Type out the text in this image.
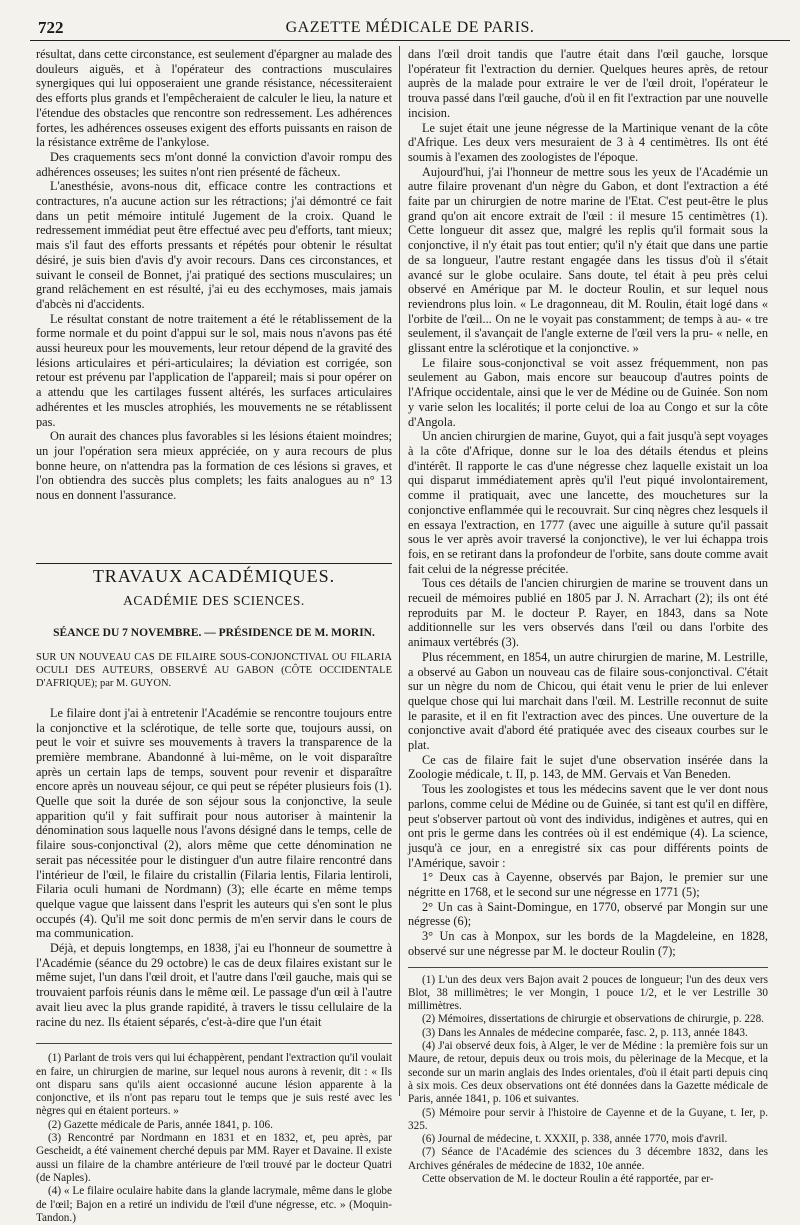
722	GAZETTE MÉDICALE DE PARIS.

résultat, dans cette circonstance, est seulement d'épargner au malade des douleurs aiguës, et à l'opérateur des contractions musculaires synergiques qui lui opposeraient une grande résistance, nécessiteraient des efforts plus grands et l'empêcheraient de calculer le lieu, la nature et l'étendue des obstacles que rencontre son redressement. Les adhérences fortes, les adhérences osseuses exigent des efforts puissants en raison de la résistance extrême de l'ankylose.

Des craquements secs m'ont donné la conviction d'avoir rompu des adhérences osseuses; les suites n'ont rien présenté de fâcheux.

L'anesthésie, avons-nous dit, efficace contre les contractions et contractures, n'a aucune action sur les rétractions; j'ai démontré ce fait dans un petit mémoire intitulé Jugement de la croix. Quand le redressement immédiat peut être effectué avec peu d'efforts, tant mieux; mais s'il faut des efforts pressants et répétés pour obtenir le résultat désiré, je suis bien d'avis d'y avoir recours. Dans ces circonstances, et suivant le conseil de Bonnet, j'ai pratiqué des sections musculaires; un grand relâchement en est résulté, j'ai eu des ecchymoses, mais jamais d'abcès ni d'accidents.

Le résultat constant de notre traitement a été le rétablissement de la forme normale et du point d'appui sur le sol, mais nous n'avons pas été aussi heureux pour les mouvements, leur retour dépend de la gravité des lésions articulaires et péri-articulaires; la déviation est corrigée, son retour est prévenu par l'application de l'appareil; mais si pour opérer on a attendu que les cartilages fussent altérés, les surfaces articulaires adhérentes et les muscles atrophiés, les mouvements ne se rétablissent pas.

On aurait des chances plus favorables si les lésions étaient moindres; un jour l'opération sera mieux appréciée, on y aura recours de plus bonne heure, on n'attendra pas la formation de ces lésions si graves, et l'on obtiendra des succès plus complets; les faits analogues au n° 13 nous en donnent l'assurance.

TRAVAUX ACADÉMIQUES.
ACADÉMIE DES SCIENCES.
SÉANCE DU 7 NOVEMBRE. — PRÉSIDENCE DE M. MORIN.

SUR UN NOUVEAU CAS DE FILAIRE SOUS-CONJONCTIVAL OU FILARIA OCULI DES AUTEURS, OBSERVÉ AU GABON (CÔTE OCCIDENTALE D'AFRIQUE); par M. GUYON.

Le filaire dont j'ai à entretenir l'Académie se rencontre toujours entre la conjonctive et la sclérotique, de telle sorte que, toujours aussi, on peut le voir et suivre ses mouvements à travers la transparence de la première membrane. Abandonné à lui-même, on le voit disparaître après un certain laps de temps, souvent pour revenir et disparaître encore après un nouveau séjour, ce qui peut se répéter plusieurs fois (1). Quelle que soit la durée de son séjour sous la conjonctive, la seule apparition qu'il y fait suffirait pour nous autoriser à maintenir la dénomination sous laquelle nous l'avons désigné dans le temps, celle de filaire sous-conjonctival (2), alors même que cette dénomination ne serait pas nécessitée pour le distinguer d'un autre filaire rencontré dans l'intérieur de l'œil, le filaire du cristallin (Filaria lentis, Filaria lentiroli, Filaria oculi humani de Nordmann) (3); elle écarte en même temps quelque vague que laissent dans l'esprit les auteurs qui s'en sont le plus occupés (4). Qu'il me soit donc permis de m'en servir dans le cours de ma communication.

Déjà, et depuis longtemps, en 1838, j'ai eu l'honneur de soumettre à l'Académie (séance du 29 octobre) le cas de deux filaires existant sur le même sujet, l'un dans l'œil droit, et l'autre dans l'œil gauche, mais qui se trouvaient parfois réunis dans le même œil. Le passage d'un œil à l'autre avait lieu avec la plus grande rapidité, à travers le tissu cellulaire de la racine du nez. Ils étaient séparés, c'est-à-dire que l'un était

(1) Parlant de trois vers qui lui échappèrent, pendant l'extraction qu'il voulait en faire, un chirurgien de marine, sur lequel nous aurons à revenir, dit : « Ils ont disparu sans qu'ils aient occasionné aucune lésion apparente à la conjonctive, et ils n'ont pas reparu tout le temps que je suis resté avec les nègres qui en étaient porteurs. »

(2) Gazette médicale de Paris, année 1841, p. 106.

(3) Rencontré par Nordmann en 1831 et en 1832, et, peu après, par Gescheidt, a été vainement cherché depuis par MM. Rayer et Davaine. Il existe aussi un filaire de la chambre antérieure de l'œil trouvé par le docteur Quatri (de Naples).

(4) « Le filaire oculaire habite dans la glande lacrymale, même dans le globe de l'œil; Bajon en a retiré un individu de l'œil d'une négresse, etc. » (Moquin-Tandon.)

dans l'œil droit tandis que l'autre était dans l'œil gauche, lorsque l'opérateur fit l'extraction du dernier. Quelques heures après, de retour auprès de la malade pour extraire le ver de l'œil droit, l'opérateur le trouva passé dans l'œil gauche, d'où il en fit l'extraction par une nouvelle incision.

Le sujet était une jeune négresse de la Martinique venant de la côte d'Afrique. Les deux vers mesuraient de 3 à 4 centimètres. Ils ont été soumis à l'examen des zoologistes de l'époque.

Aujourd'hui, j'ai l'honneur de mettre sous les yeux de l'Académie un autre filaire provenant d'un nègre du Gabon, et dont l'extraction a été faite par un chirurgien de notre marine de l'Etat. C'est peut-être le plus grand qu'on ait encore extrait de l'œil : il mesure 15 centimètres (1). Cette longueur dit assez que, malgré les replis qu'il formait sous la conjonctive, il n'y était pas tout entier; qu'il n'y était que dans une partie de sa longueur, l'autre restant engagée dans les tissus d'où il s'était avancé sur le globe oculaire. Sans doute, tel était à peu près celui observé en Amérique par M. le docteur Roulin, et sur lequel nous reviendrons plus loin. « Le dragonneau, dit M. Roulin, était logé dans « l'orbite de l'œil... On ne le voyait pas constamment; de temps à au- « tre seulement, il s'avançait de l'angle externe de l'œil vers la pru- « nelle, en glissant entre la sclérotique et la conjonctive. »

Le filaire sous-conjonctival se voit assez fréquemment, non pas seulement au Gabon, mais encore sur beaucoup d'autres points de l'Afrique occidentale, ainsi que le ver de Médine ou de Guinée. Son nom y varie selon les localités; il porte celui de loa au Congo et sur la côte d'Angola.

Un ancien chirurgien de marine, Guyot, qui a fait jusqu'à sept voyages à la côte d'Afrique, donne sur le loa des détails étendus et pleins d'intérêt. Il rapporte le cas d'une négresse chez laquelle existait un loa qui disparut immédiatement après qu'il l'eut piqué involontairement, comme il pratiquait, avec une lancette, des mouchetures sur la conjonctive enflammée qui le recouvrait. Sur cinq nègres chez lesquels il en essaya l'extraction, en 1777 (avec une aiguille à suture qu'il passait sous le ver après avoir traversé la conjonctive), le ver lui échappa trois fois, en se retirant dans la profondeur de l'orbite, sans doute comme avait fait celui de la négresse précitée.

Tous ces détails de l'ancien chirurgien de marine se trouvent dans un recueil de mémoires publié en 1805 par J. N. Arrachart (2); ils ont été reproduits par M. le docteur P. Rayer, en 1843, dans sa Note additionnelle sur les vers observés dans l'œil ou dans l'orbite des animaux vertébrés (3).

Plus récemment, en 1854, un autre chirurgien de marine, M. Lestrille, a observé au Gabon un nouveau cas de filaire sous-conjonctival. C'était sur un nègre du nom de Chicou, qui était venu le prier de lui enlever quelque chose qui lui marchait dans l'œil. M. Lestrille reconnut de suite le parasite, et il en fit l'extraction avec des pinces. Une ouverture de la conjonctive avait d'abord été pratiquée avec des ciseaux courbes sur le plat.

Ce cas de filaire fait le sujet d'une observation insérée dans la Zoologie médicale, t. II, p. 143, de MM. Gervais et Van Beneden.

Tous les zoologistes et tous les médecins savent que le ver dont nous parlons, comme celui de Médine ou de Guinée, si tant est qu'il en diffère, peut s'observer partout où vont des individus, indigènes et autres, qui en ont pris le germe dans les contrées où il est endémique (4). La science, jusqu'à ce jour, en a enregistré six cas pour différents points de l'Amérique, savoir :

1° Deux cas à Cayenne, observés par Bajon, le premier sur une négritte en 1768, et le second sur une négresse en 1771 (5);

2° Un cas à Saint-Domingue, en 1770, observé par Mongin sur une négresse (6);

3° Un cas à Monpox, sur les bords de la Magdeleine, en 1828, observé sur une négresse par M. le docteur Roulin (7);

(1) L'un des deux vers Bajon avait 2 pouces de longueur; l'un des deux vers Blot, 38 millimètres; le ver Mongin, 1 pouce 1/2, et le ver Lestrille 30 millimètres.

(2) Mémoires, dissertations de chirurgie et observations de chirurgie, p. 228.

(3) Dans les Annales de médecine comparée, fasc. 2, p. 113, année 1843.

(4) J'ai observé deux fois, à Alger, le ver de Médine : la première fois sur un Maure, de retour, depuis deux ou trois mois, du pèlerinage de la Mecque, et la seconde sur un marin anglais des Indes orientales, d'où il était parti depuis cinq à six mois. Ces deux observations ont été données dans la Gazette médicale de Paris, année 1841, p. 106 et suivantes.

(5) Mémoire pour servir à l'histoire de Cayenne et de la Guyane, t. Ier, p. 325.

(6) Journal de médecine, t. XXXII, p. 338, année 1770, mois d'avril.

(7) Séance de l'Académie des sciences du 3 décembre 1832, dans les Archives générales de médecine de 1832, 10e année.

Cette observation de M. le docteur Roulin a été rapportée, par er-
